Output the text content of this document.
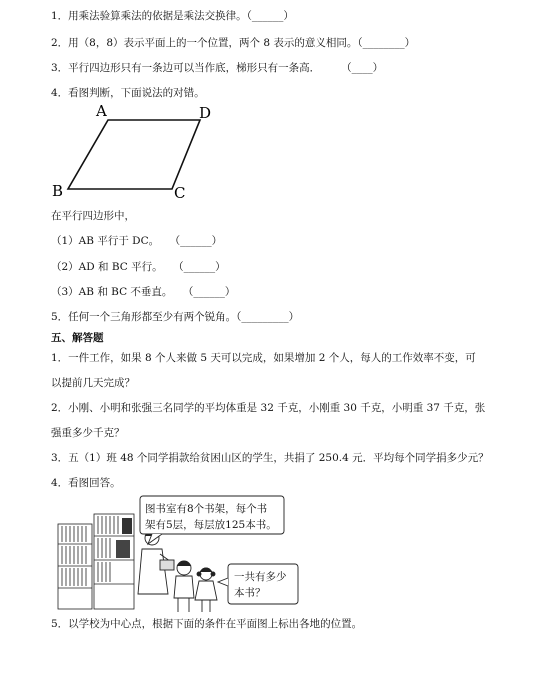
1．用乘法验算乘法的依据是乘法交换律。（______）
2．用（8，8）表示平面上的一个位置，两个 8 表示的意义相同。（________）
3．平行四边形只有一条边可以当作底，梯形只有一条高．　　　（____）
4．看图判断，下面说法的对错。
A	D
B	C
在平行四边形中，
（1）AB 平行于 DC。　　（______）
（2）AD 和 BC 平行。　　（______）
（3）AB 和 BC 不垂直。　　（______）
5．任何一个三角形都至少有两个锐角。（_________）
五、解答题
1．一件工作，如果 8 个人来做 5 天可以完成，如果增加 2 个人，每人的工作效率不变，可
以提前几天完成？
2．小刚、小明和张强三名同学的平均体重是 32 千克，小刚重 30 千克，小明重 37 千克，张
强重多少千克？
3．五（1）班 48 个同学捐款给贫困山区的学生，共捐了 250.4 元．平均每个同学捐多少元？
4．看图回答。
图书室有8个书架，每个书
架有5层，每层放125本书。
一共有多少
本书？
5．以学校为中心点，根据下面的条件在平面图上标出各地的位置。
